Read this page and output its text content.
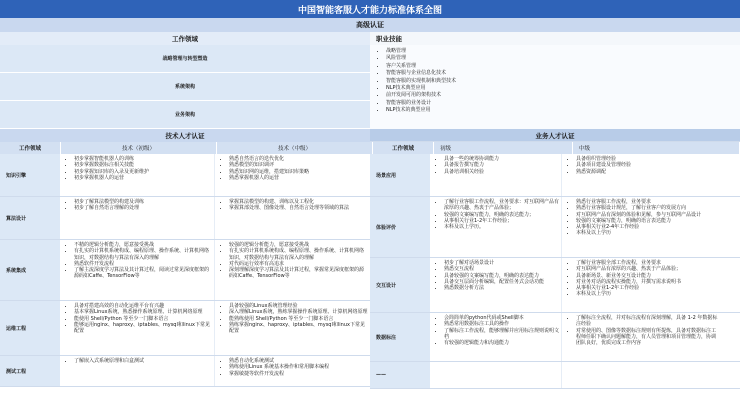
中国智能客服人才能力标准体系全图
高级认证
工作领域	职业技能
战略管理与转型塑造
系统架构
业务架构
• 战略管理
• 风险管理
• 客户关系管理
• 智能客服与企业信息化技术
• 智能客服的实现机制和典型技术
• NLP技术典型应用
• 前开发阅可用的架构技术
• 智能客服的业务设计
• NLP技术的典型应用
技术人才认证	业务人才认证
工作领域	技术（初级）	技术（中级）	工作领域	初级	中级
知识引擎
• 初步掌握智能机器人的训练
• 初步掌握数据标注相关技能
• 初步掌握知识库的入录及更新维护
• 初步掌握机器人的运营
• 熟悉自然语言的迭代优化
• 熟悉模型的知识调评
• 熟悉知识网的运维，搭建知识库策略
• 熟悉掌握机器人的运营
算法设计
• 初步了解算法模型的构建及训练
• 初步了解自然语言理解的处理
• 掌握算法模型的构建、训练以及工程化
• 掌握算部处理、图像处理、自然语言处理等领域的算法
系统集成
• 不精的逻辑分析能力，愿意接受挑战
• 有扎实的计算机系统构成、编程原理、操作系统、计算机网络知识，对数据结构与算法有深入的理解
• 熟悉软件开发流程
• 了解主流深度学习算法及其计算过程，阅读过常见深度框架的源码如Caffe、TensorFlow等
• 较强的逻辑分析能力，愿意接受挑战
• 有扎实的计算机系统构成、编程原理、操作系统、计算机网络知识，对数据结构与算法有深入的理解
• 对代码运行效率有高追求
• 深刻理解深度学习算法及其计算过程，掌握常见深度框架的源码如Caffe、TensorFlow等
运维工程
• 具备对搭建高效的自动化运维平台有兴趣
• 基本掌握Linux系统，熟悉操作系统原理、计算机网络原理
• 能使用 Shell/Python 等至少一门脚本语言
• 能够运用nginx、haproxy、iptables、mysql和linux下常见配置
• 具备较强的Linux系统管理经验
• 深入理解Linux系统，熟练掌握操作系统原理、计算机网络原理
• 能熟练使用 Shell/Python 等至少一门脚本语言
• 熟练掌握nginx、haproxy、iptables、mysql和linux下常见配置
测试工程
• 了解嵌入式系统原理和白盒测试
•	熟悉自动化系统测试
• 熟练使用Linux 系统基本操作和常用脚本编程
• 掌握敏捷等软件开发流程
场景应用
• 具备一些的统筹协调能力
• 具备报告撰写能力
• 具备培训相关经验
• 具备组织管理经验
• 具备项目建设及管理经验
• 熟悉资源调配
体验评价
• 了解行业客服工作流程，业务要求：对互联网产品有浓厚的兴趣、热衷于产品体验；
• 较强的文案编写能力，明确的表达能力；
• 从事相关行业1-2年工作经验；
• 本科及以上学历。
• 熟悉行业客服工作流程，业务要求
• 熟悉行业客服设计规范，了解行业客户的发展方向
• 对互联网产品有深刻的体验和见解，参与互联网产品设计
• 较强的文案编写能力，明确的语言表达能力
• 从事相关行业2-4年工作经验
• 本科及以上学历
交互设计
• 初步了解对话场景设计
• 熟悉交互流程
• 具备较强的文案编写能力，明确的表达能力
• 具备交互层面分析编辑，配置任务式会话功能
• 熟悉数据分析方法
• 了解行业客服全部工作流程，业务要求
• 对互联网产品有浓厚的兴趣、热衷于产品体验；
• 具备新场景、新业务交互设计能力
• 对业务对话的流程实操能力，并撰写需求说明书
• 从事相关行业1-2年工作经验
• 本科及以上学历
数据标注
• 会简简单的python代码或Shell脚本
• 熟悉常用数据标注工具的操作
• 了解标注工作流程，能够理解并应用标注规则说明文档
• 有较强的逻辑能力和沟通能力
• 了解标注全流程，并对标注流程有深刻理解，具备 1-2 年数据标注经验
• 对常使用的、图像等数据标注规则有所提炼，具备对数据标注工程师任职下确认问题解能力，有人员管理和项目管理能力，协调团队良好，优质完成工作内容
——
